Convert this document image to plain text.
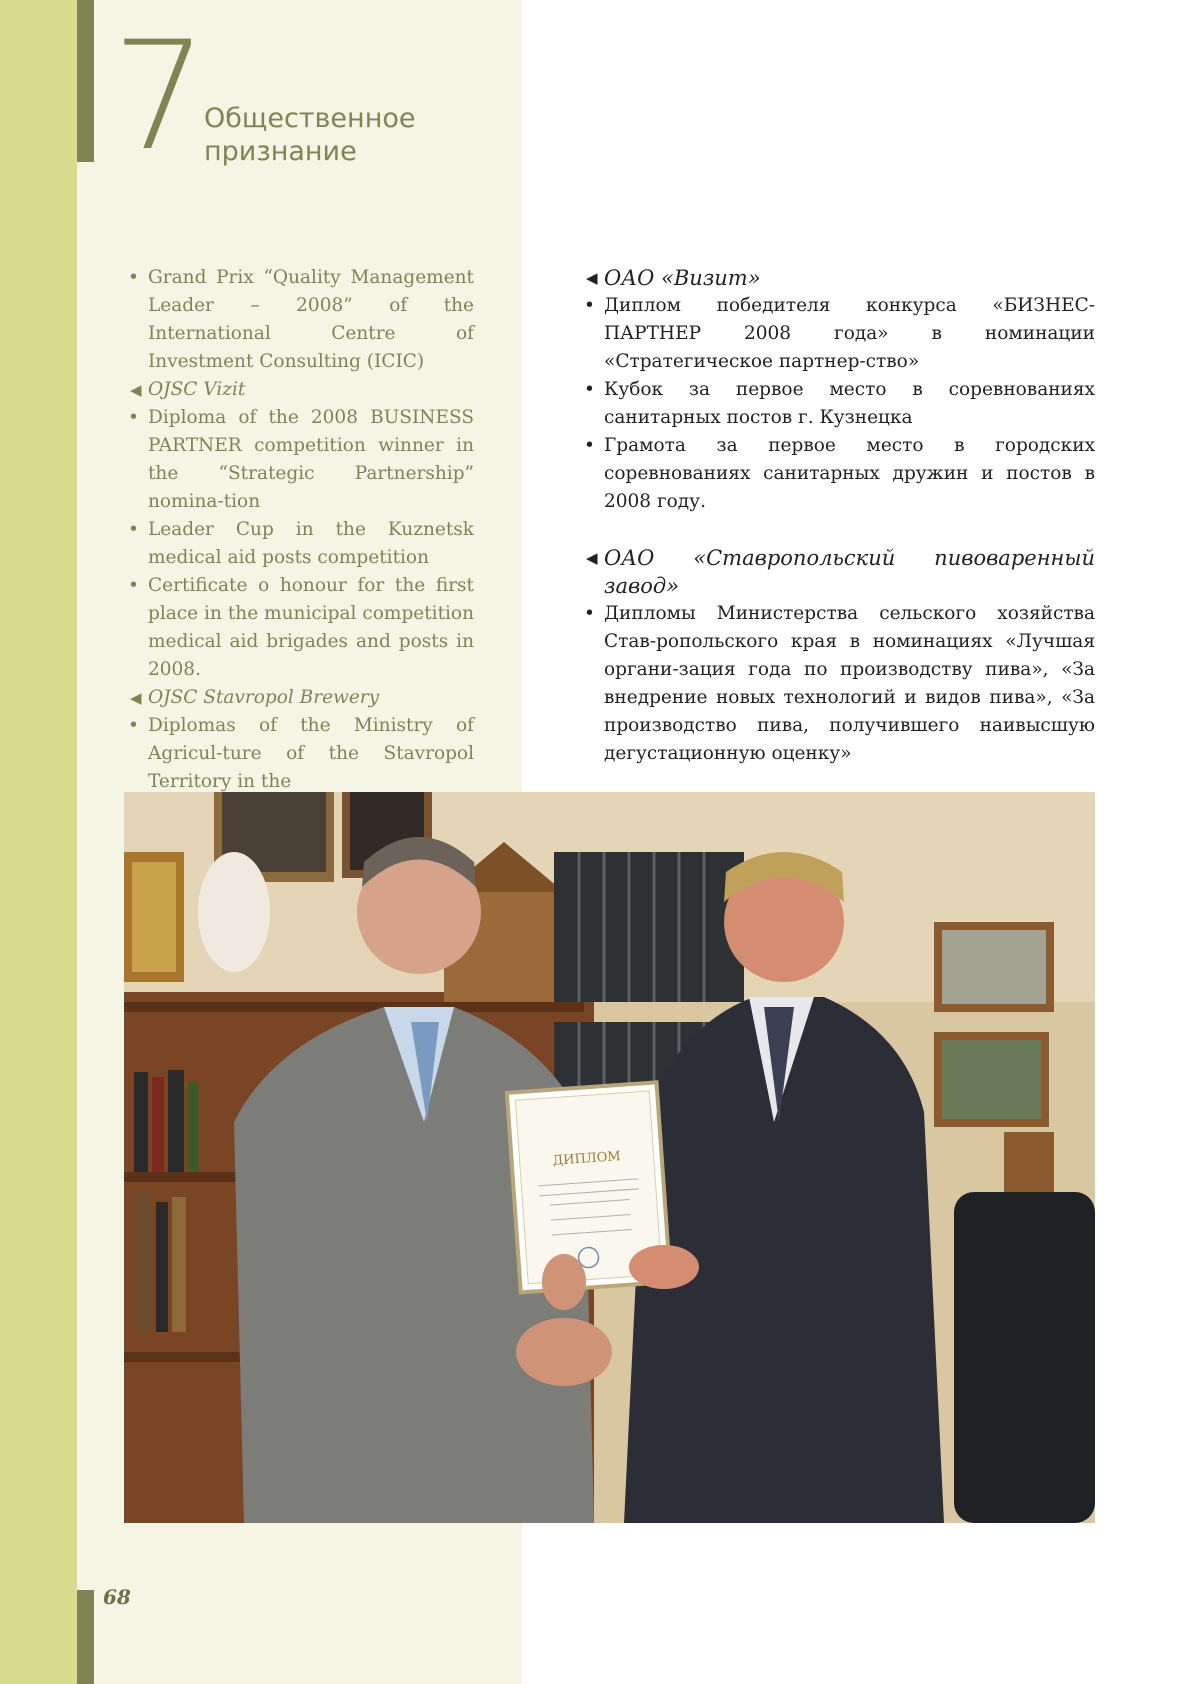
7 Общественное
признание
• Grand Prix “Quality Management Leader – 2008” of the International Centre of Investment Consulting (ICIC)
◀ OJSC Vizit
• Diploma of the 2008 BUSINESS PARTNER competition winner in the “Strategic Partnership” nomina-tion
• Leader Cup in the Kuznetsk medical aid posts competition
• Certificate o honour for the first place in the municipal competition medical aid brigades and posts in 2008.
◀ OJSC Stavropol Brewery
• Diplomas of the Ministry of Agricul-ture of the Stavropol Territory in the
◀ ОАО «Визит»
• Диплом победителя конкурса «БИЗНЕС-ПАРТНЕР 2008 года» в номинации «Стратегическое партнер-ство»
• Кубок за первое место в соревнованиях санитарных постов г. Кузнецка
• Грамота за первое место в городских соревнованиях санитарных дружин и постов в 2008 году.
◀ ОАО «Ставропольский пивоваренный завод»
• Дипломы Министерства сельского хозяйства Став-ропольского края в номинациях «Лучшая органи-зация года по производству пива», «За внедрение новых технологий и видов пива», «За производство пива, получившего наивысшую дегустационную оценку»
ДИПЛОМ
68
